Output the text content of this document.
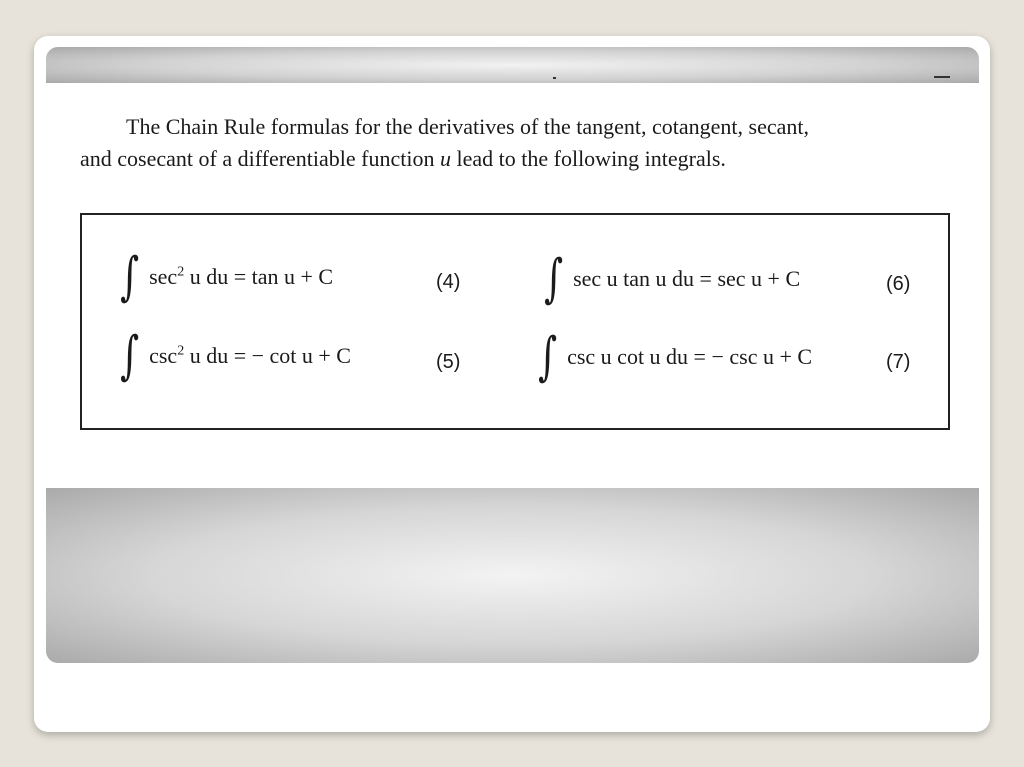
The Chain Rule formulas for the derivatives of the tangent, cotangent, secant,

and cosecant of a differentiable function u lead to the following integrals.

∫ $\sec^2 u$ du = tan u + C	(4)
∫ $\csc^2 u$ du = − cot u + C	(5)
∫ sec u tan u du = sec u + C	(6)
∫ csc u cot u du = − csc u + C	(7)
